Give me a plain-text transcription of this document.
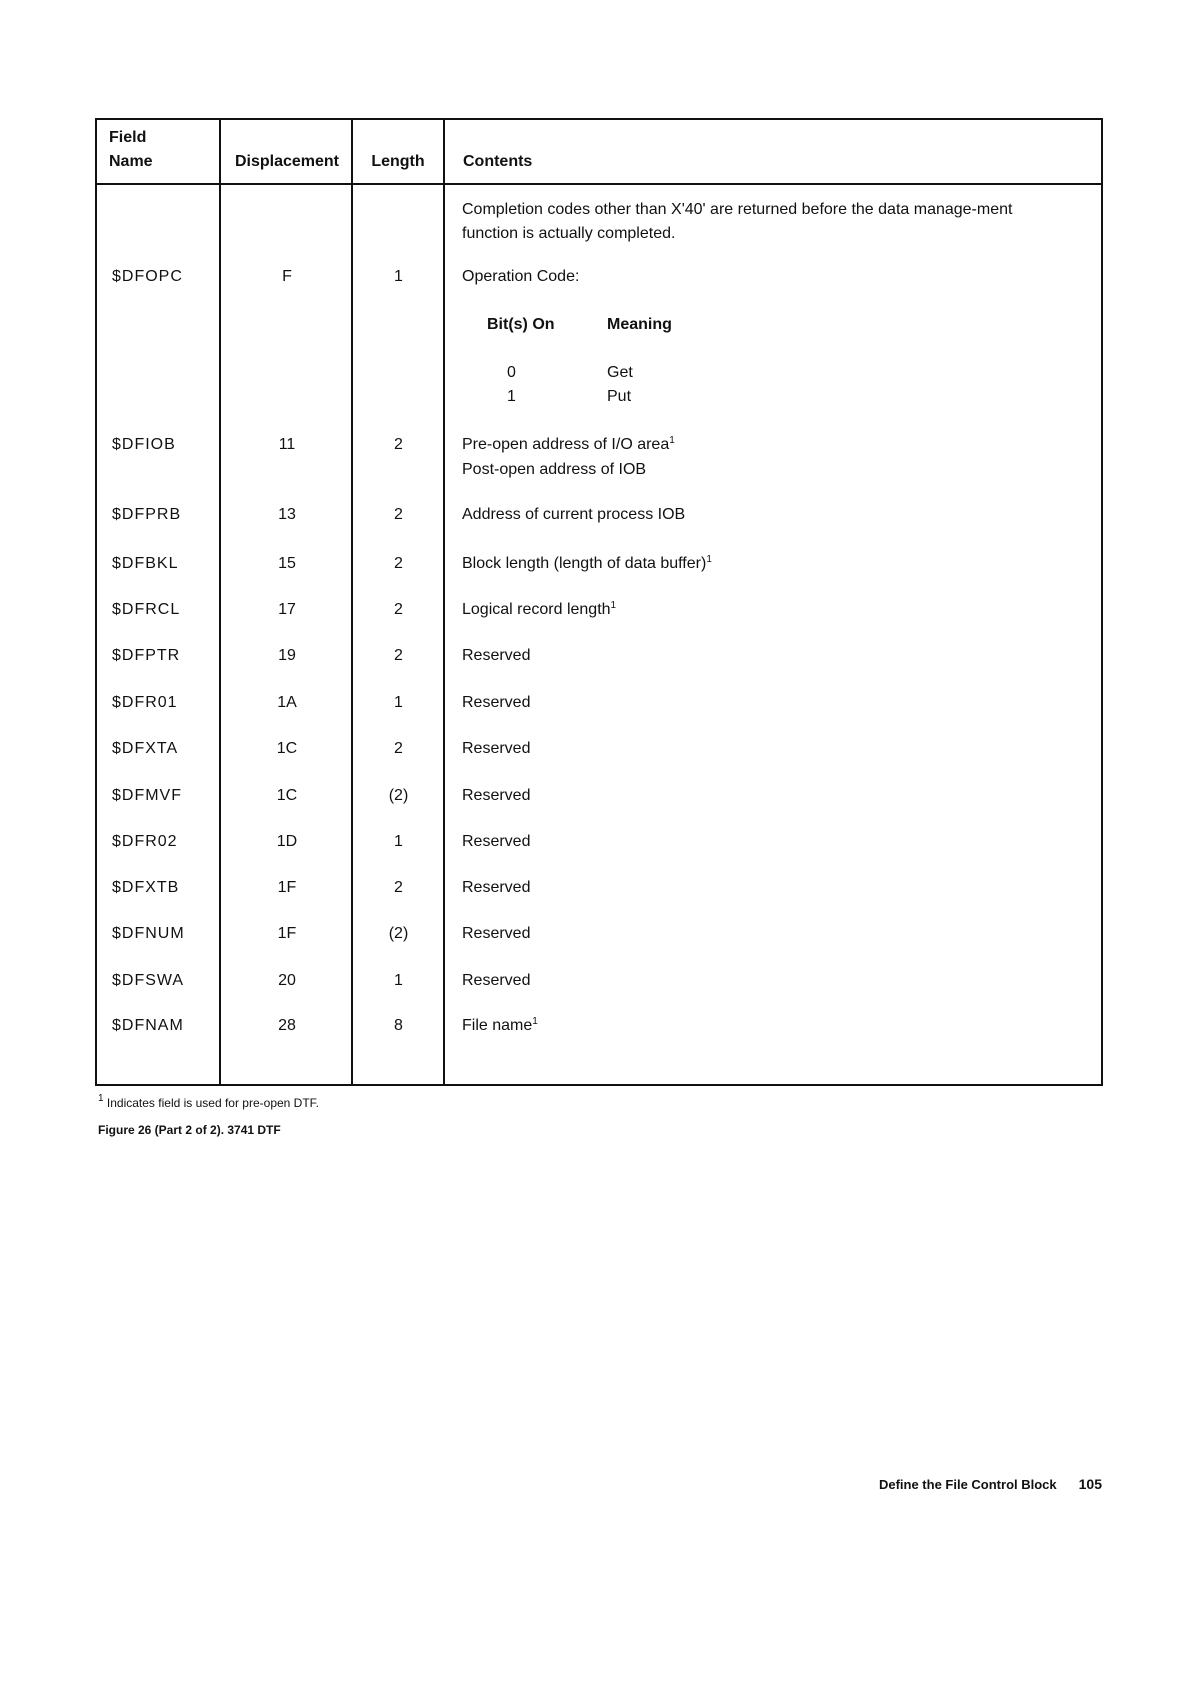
Field
Name	Displacement	Length	Contents
Completion codes other than X'40' are returned before the data manage-ment function is actually completed.
$DFOPC	F	1	Operation Code:
Bit(s) On	Meaning
0	Get
1	Put
$DFIOB	11	2	Pre-open address of I/O area$^1$
Post-open address of IOB
$DFPRB	13	2	Address of current process IOB
$DFBKL	15	2	Block length (length of data buffer)$^1$
$DFRCL	17	2	Logical record length$^1$
$DFPTR	19	2	Reserved
$DFR01	1A	1	Reserved
$DFXTA	1C	2	Reserved
$DFMVF	1C	(2)	Reserved
$DFR02	1D	1	Reserved
$DFXTB	1F	2	Reserved
$DFNUM	1F	(2)	Reserved
$DFSWA	20	1	Reserved
$DFNAM	28	8	File name$^1$
$^1$ Indicates field is used for pre-open DTF.
Figure 26 (Part 2 of 2). 3741 DTF
Define the File Control Block 105
